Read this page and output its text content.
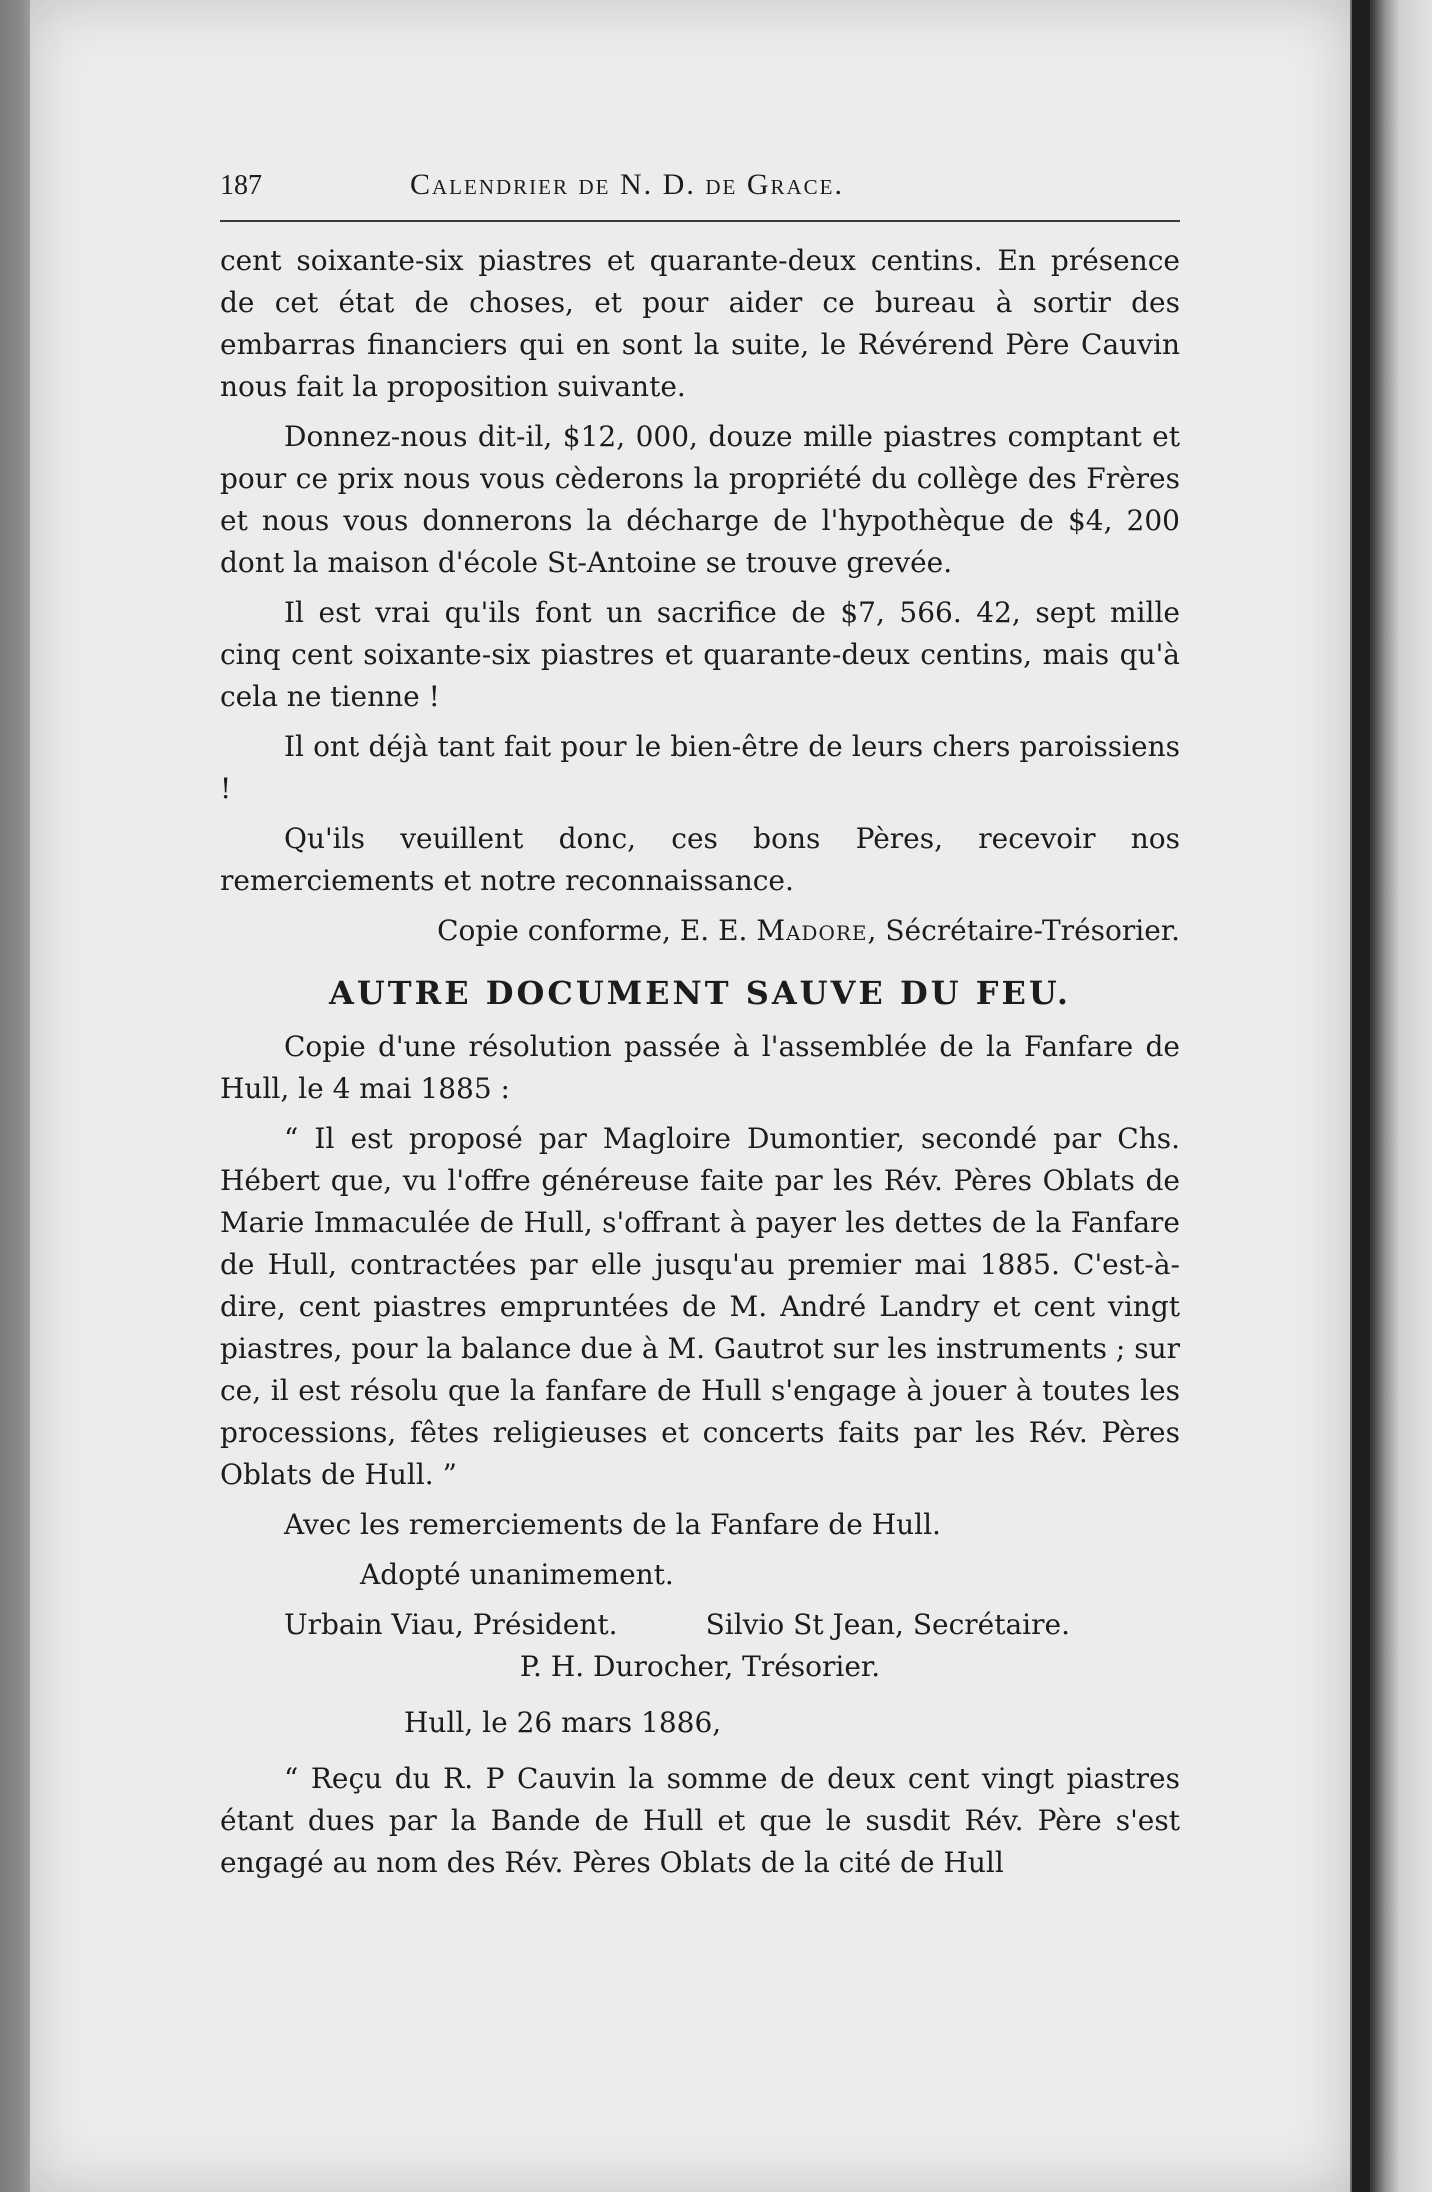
187	Calendrier de N. D. de Grace.

cent soixante-six piastres et quarante-deux centins. En présence de cet état de choses, et pour aider ce bureau à sortir des embarras financiers qui en sont la suite, le Révérend Père Cauvin nous fait la proposition suivante.

Donnez-nous dit-il, $12, 000, douze mille piastres comptant et pour ce prix nous vous cèderons la propriété du collège des Frères et nous vous donnerons la décharge de l'hypothèque de $4, 200 dont la maison d'école St-Antoine se trouve grevée.

Il est vrai qu'ils font un sacrifice de $7, 566. 42, sept mille cinq cent soixante-six piastres et quarante-deux centins, mais qu'à cela ne tienne !

Il ont déjà tant fait pour le bien-être de leurs chers paroissiens !

Qu'ils veuillent donc, ces bons Pères, recevoir nos remerciements et notre reconnaissance.

Copie conforme, E. E. Madore, Sécrétaire-Trésorier.

AUTRE DOCUMENT SAUVE DU FEU.

Copie d'une résolution passée à l'assemblée de la Fanfare de Hull, le 4 mai 1885 :

“ Il est proposé par Magloire Dumontier, secondé par Chs. Hébert que, vu l'offre généreuse faite par les Rév. Pères Oblats de Marie Immaculée de Hull, s'offrant à payer les dettes de la Fanfare de Hull, contractées par elle jusqu'au premier mai 1885. C'est-à-dire, cent piastres empruntées de M. André Landry et cent vingt piastres, pour la balance due à M. Gautrot sur les instruments ; sur ce, il est résolu que la fanfare de Hull s'engage à jouer à toutes les processions, fêtes religieuses et concerts faits par les Rév. Pères Oblats de Hull. ”

Avec les remerciements de la Fanfare de Hull.

Adopté unanimement.

Urbain Viau, Président.	Silvio St Jean, Secrétaire.
P. H. Durocher, Trésorier.
Hull, le 26 mars 1886,

“ Reçu du R. P Cauvin la somme de deux cent vingt piastres étant dues par la Bande de Hull et que le susdit Rév. Père s'est engagé au nom des Rév. Pères Oblats de la cité de Hull
